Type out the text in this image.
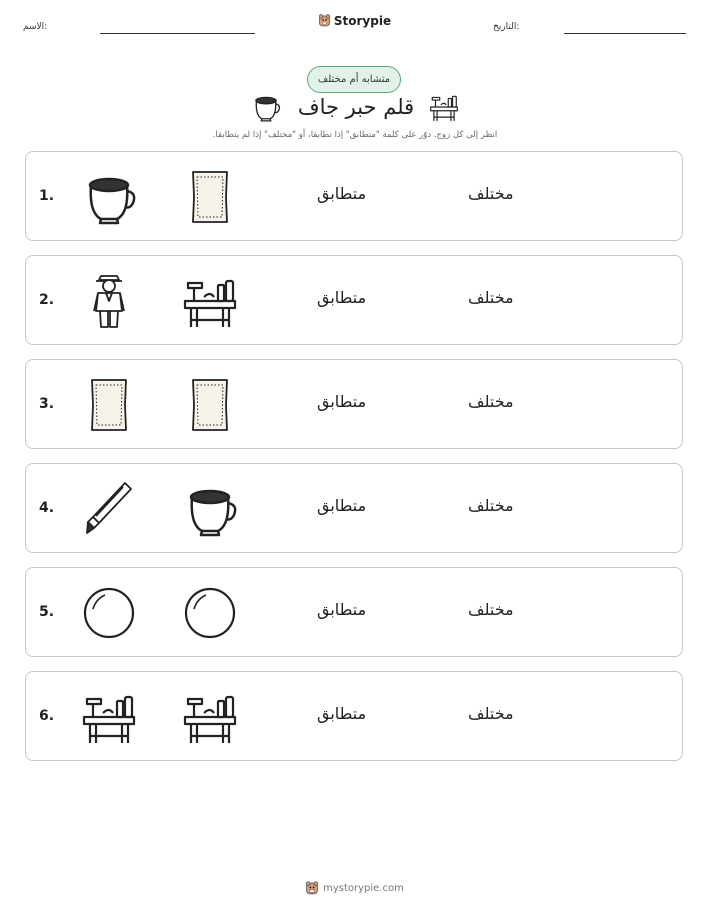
الاسم:	Storypie	التاريخ:
متشابه أم مختلف
قلم حبر جاف
انظر إلى كل زوج. دوّر على كلمة "متطابق" إذا تطابقا، أو "مختلف" إذا لم يتطابقا.
1.	متطابق	مختلف
2.	متطابق	مختلف
3.	متطابق	مختلف
4.	متطابق	مختلف
5.	متطابق	مختلف
6.	متطابق	مختلف
mystorypie.com
